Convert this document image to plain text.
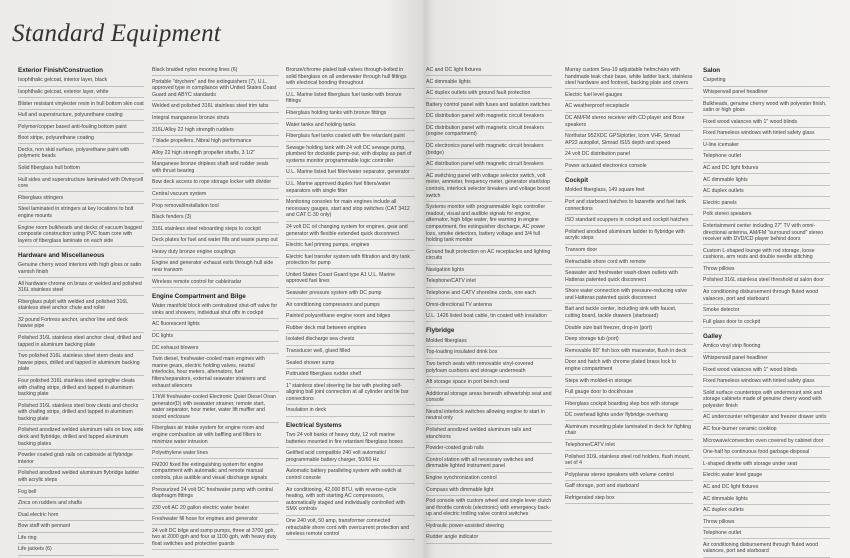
Standard Equipment
Exterior Finish/Construction
Isophthalic gelcoat, interior layer, black
Isophthalic gelcoat, exterior layer, white
Blister resistant vinylester resin in hull bottom skin coat
Hull and superstructure, polyurethane coating
Polymer/copper based anti-fouling bottom paint
Boot stripe, polyurethane coating
Decks, non skid surface, polyurethane paint with polymeric beads
Solid fiberglass hull bottom
Hull sides and superstructure laminated with Divinycell core
Fiberglass stringers
Steel laminated in stringers at key locations to bolt engine mounts
Engine room bulkheads and decks of vacuum bagged composite construction using PVC foam core with layers of fiberglass laminate on each side
Hardware and Miscellaneous
Genuine cherry wood interiors with high gloss or satin varnish finish
All hardware chrome on brass or welded and polished 316L stainless steel
Fiberglass pulpit with welded and polished 316L stainless steel anchor chute and roller
32 pound Fortress anchor, anchor line and deck hawse pipe
Polished 316L stainless steel anchor cleat, drilled and tapped in aluminum backing plate
Two polished 316L stainless steel stern cleats and hawse pipes, drilled and tapped in aluminum backing plate
Four polished 316L stainless steel springline cleats with chafing strips, drilled and tapped in aluminum backing plate
Polished 316L stainless steel bow cleats and chocks with chafing strips, drilled and tapped in aluminum backing plate
Polished anodized welded aluminum rails on bow, side deck and flybridge, drilled and tapped aluminum backing plates
Powder coated grab rails on cabinside at flybridge interior
Polished anodized welded aluminum flybridge ladder with acrylic steps
Fog bell
Zincs on rudders and shafts
Dual electric horn
Bow staff with pennant
Life ring
Life jackets (6)
Black braided nylon mooring lines (6)
Portable "drychem" and fire extinguishers (7), U.L. approved type in compliance with United States Coast Guard and ABYC standards
Welded and polished 316L stainless steel trim tabs
Integral manganese bronze struts
316L/Alloy 22 high strength rudders
7 blade propellers, Nibral high performance
Alloy 22 high strength propeller shafts, 3 1/2"
Manganese bronze dripless shaft and rudder seals with thrust bearing
Bow deck access to rope storage locker with divider
Central vacuum system
Prop removal/installation tool
Black fenders (3)
316L stainless steel reboarding steps to cockpit
Deck plates for fuel and water fills and waste pump out
Heavy duty bronze engine couplings
Engine and generator exhaust exits through hull side near transom
Wireless remote control for cable/radar
Engine Compartment and Bilge
Water manifold block with centralized shut-off valve for sinks and showers, individual shut offs in cockpit
AC fluorescent lights
DC lights
DC exhaust blowers
Twin diesel, freshwater-cooled main engines with marine gears, electric holding valves, neutral interlocks, hour meters, alternators, fuel filters/separators, external seawater strainers and exhaust silencers
17kW freshwater-cooled Electronic Quiet Diesel Onan generator(D) with seawater strainer, remote start, water separator, hour meter, water lift muffler and sound enclosure
Fiberglass air intake system for engine room and engine combustion air with baffling and filters to minimize water intrusion
Polyethylene water lines
FM200 fixed fire extinguishing system for engine compartment with automatic and remote manual controls, plus audible and visual discharge signals
Pressurized 24 volt DC freshwater pump with central diaphragm fittings
230 volt AC 20 gallon electric water heater
Freshwater fill hose for engines and generator
24 volt DC bilge and sump pumps, three at 3700 gph, two at 2000 gph and four at 1100 gph, with heavy duty float switches and protective guards
Bronze/chrome plated ball-valves through-bolted in solid fiberglass on all underwater through hull fittings with electrical bonding throughout
U.L. Marine listed fiberglass fuel tanks with bronze fittings
Fiberglass holding tanks with bronze fittings
Water tanks and holding tanks
Fiberglass fuel tanks coated with fire retardant paint
Sewage holding tank with 24 volt DC sewage pump, plumbed for dockside pump-out, with display as part of systems monitor programmable logic controller
U.L. Marine listed fuel filter/water separator, generator
U.L. Marine approved duplex fuel filters/water separators with single filter
Monitoring consoles for main engines include all necessary gauges, start and stop switches (CAT 3412 and CAT C-30 only)
24 volt DC oil changing system for engines, gear and generator with flexible extended quick disconnect
Electric fuel priming pumps, engines
Electric fuel transfer system with filtration and dry tank protection for pump
United States Coast Guard type A1 U.L. Marine approved fuel lines
Seawater pressure system with DC pump
Air conditioning compressors and pumps
Painted polyurethane engine room and bilges
Rubber deck mat between engines
Isolated discharge sea chests
Transducer well, glued filled
Sealed shower sump
Puttruded fiberglass rudder shelf
1" stainless steel steering tie bar with pivoting self-aligning ball joint connection at all cylinder and tie bar connections
Insulation in deck
Electrical Systems
Two 24 volt banks of heavy duty, 12 volt marine batteries mounted in fire retardant fiberglass boxes
Gelified acid compatible 240 volt automatic/ programmable battery charger, 50/60 Hz
Automatic battery paralleling system with switch at control console
Air conditioning, 42,000 BTU, with reverse-cycle heating, with soft starting AC compressors, automatically staged and individually controlled with SMX controls
One 240 volt, 50 amp, transformer connected retractable shore cord with overcurrent protection and wireless remote control
AC and DC light fixtures
AC dimmable lights
AC duplex outlets with ground fault protection
Battery control panel with fuses and isolation switches
DC distribution panel with magnetic circuit breakers
DC distribution panel with magnetic circuit breakers (engine compartment)
DC electronics panel with magnetic circuit breakers (bridge)
AC distribution panel with magnetic circuit breakers
AC switching panel with voltage selector switch, volt meter, ammeter, frequency meter, generator start/stop controls, interlock selector breakers and voltage boost switch
Systems monitor with programmable logic controller readout, visual and audible signals for engine, alternator, high bilge water, fire warning in engine compartment, fire extinguisher discharge, AC power loss, smoke detectors, battery voltage and 3/4 full holding tank monitor
Ground fault protection on AC receptacles and lighting circuits
Navigation lights
Telephone/CATV inlet
Telephone and CATV shoreline cords, one each
Omni-directional TV antenna
U.L. 1426 listed boat cable, tin coated with insulation
Flybridge
Molded fiberglass
Top-loading insulated drink box
Two bench seats with removable vinyl-covered polyfoam cushions and storage underneath
Aft storage space in port bench seat
Additional storage areas beneath athwartship seat and console
Neutral interlock switches allowing engine to start in neutral only
Polished anodized welded aluminum rails and stanchions
Powder-coated grab rails
Control station with all necessary switches and dimmable lighted instrument panel
Engine synchronization control
Compass with dimmable light
Pod console with custom wheel and single lever clutch and throttle controls (electronic) with emergency back-up and electric trolling valve control switches
Hydraulic power-assisted steering
Rudder angle indicator
Murray custom Sea-19 adjustable helmchairs with handmade teak chair base, white ladder back, stainless steel hardware and footrest, backing plate and covers
Electric fuel level gauges
AC weatherproof receptacle
DC AM/FM stereo receiver with CD player and Bose speakers
Northstar 952XDC GPS/plotter, Icom VHF, Simrad AP22 autopilot, Simrad IS15 depth and speed
24 volt DC distribution panel
Power actuated electronics console
Cockpit
Molded fiberglass, 149 square feet
Port and starboard hatches to lazarette and fuel tank connections
ISO standard scuppers in cockpit and cockpit hatches
Polished anodized aluminum ladder to flybridge with acrylic steps
Transom door
Retractable shore cord with remote
Seawater and freshwater wash-down outlets with Hatteras patented quick disconnect
Shore water connection with pressure-reducing valve and Hatteras patented quick disconnect
Bait and tackle center, including sink with faucet, cutting board, tackle drawers (starboard)
Double size bait freezer, drop-in (port)
Deep storage tub (port)
Removable 80" fish box with macerator, flush in deck
Door and hatch with chrome plated brass lock to engine compartment
Steps with molded-in storage
Full gauge door to dockhouse
Fiberglass cockpit boarding step box with storage
DC overhead lights under flybridge overhang
Aluminum mounting plate laminated in deck for fighting chair
Telephone/CATV inlet
Polished 316L stainless steel rod holders, flush mount, set of 4
Polyplanar stereo speakers with volume control
Gaff storage, port and starboard
Refrigerated step box
Salon
Carpeting
Whisperwall panel headliner
Bulkheads, genuine cherry wood with polyester finish, satin or high gloss
Fixed wood valances with 1" wood blinds
Fixed frameless windows with tinted safety glass
U-line icemaker
Telephone outlet
AC and DC light fixtures
AC dimmable lights
AC duplex outlets
Electric panels
Polk stereo speakers
Entertainment center including 27" TV with omni-directional antenna, AM/FM "surround sound" stereo receiver with DVD/CD player behind doors
Custom L-shaped lounge with rod storage, loose cushions, arm rests and double needle stitching
Throw pillows
Polished 316L stainless steel threshold at salon door
Air conditioning disbursement through fluted wood valances, port and starboard
Smoke detector
Full glass door to cockpit
Galley
Amtico vinyl strip flooring
Whisperwall panel headliner
Fixed wood valances with 1" wood blinds
Fixed frameless windows with tinted safety glass
Solid surface countertops with undermount sink and storage cabinets made of genuine cherry wood with polyester finish
AC undercounter refrigerator and freezer drawer units
AC four-burner ceramic cooktop
Microwave/convection oven covered by cabinet door
One-half hp continuous food garbage disposal
L-shaped dinette with storage under seat
Electric water level gauge
AC and DC light fixtures
AC dimmable lights
AC duplex outlets
Throw pillows
Telephone outlet
Air conditioning disbursement through fluted wood valances, port and starboard
